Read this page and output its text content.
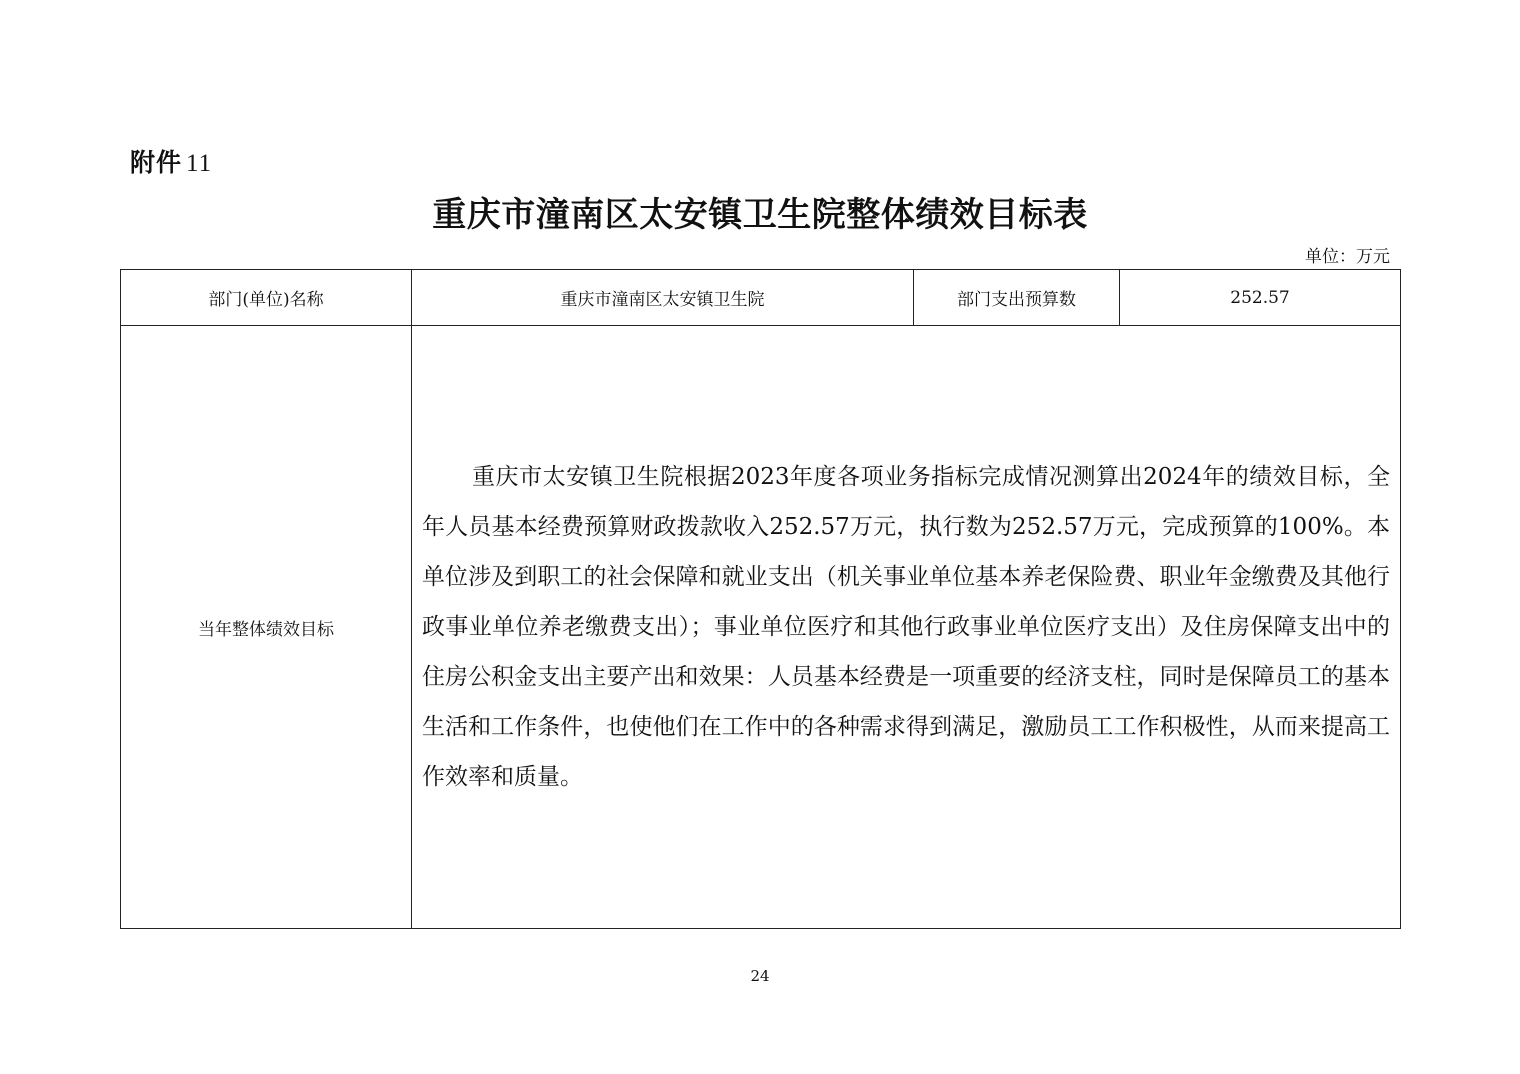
附件 11
重庆市潼南区太安镇卫生院整体绩效目标表
单位：万元
部门(单位)名称	重庆市潼南区太安镇卫生院	部门支出预算数	252.57
当年整体绩效目标	重庆市太安镇卫生院根据2023年度各项业务指标完成情况测算出2024年的绩效目标，全年人员基本经费预算财政拨款收入252.57万元，执行数为252.57万元，完成预算的100%。本单位涉及到职工的社会保障和就业支出（机关事业单位基本养老保险费、职业年金缴费及其他行政事业单位养老缴费支出）；事业单位医疗和其他行政事业单位医疗支出）及住房保障支出中的住房公积金支出主要产出和效果：人员基本经费是一项重要的经济支柱，同时是保障员工的基本生活和工作条件，也使他们在工作中的各种需求得到满足，激励员工工作积极性，从而来提高工作效率和质量。		
24
